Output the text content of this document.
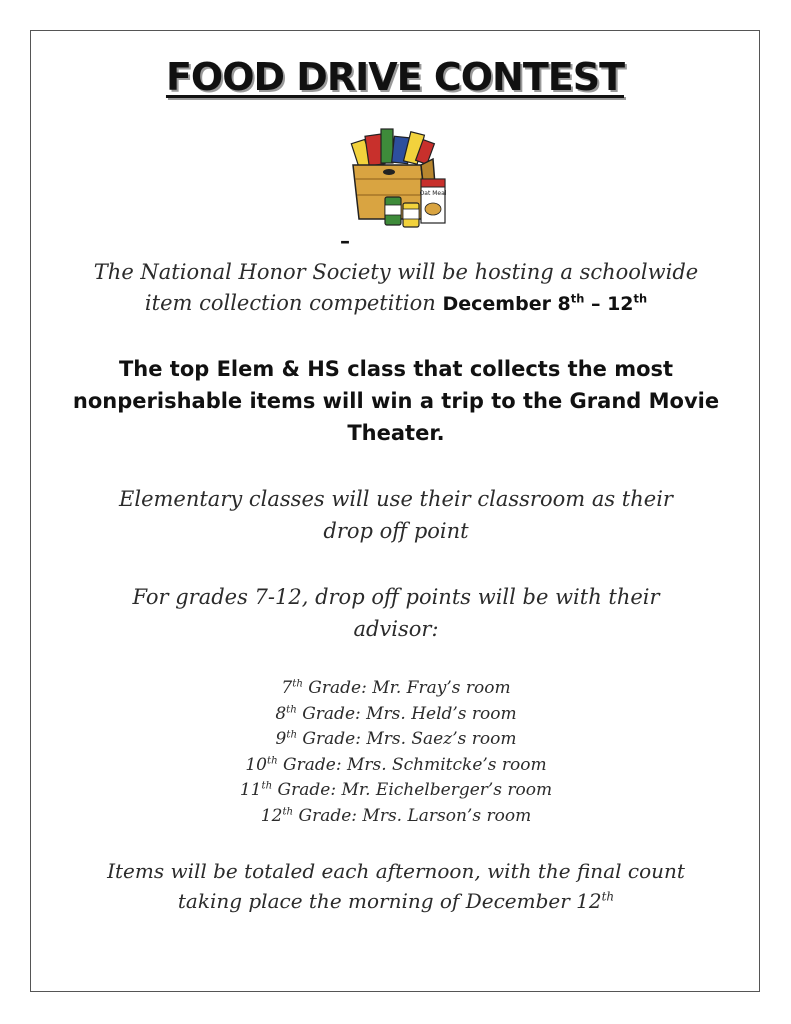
FOOD DRIVE CONTEST
Oat Meal
–
The National Honor Society will be hosting a schoolwide
item collection competition December 8th – 12th
The top Elem & HS class that collects the most
nonperishable items will win a trip to the Grand Movie
Theater.
Elementary classes will use their classroom as their
drop off point
For grades 7-12, drop off points will be with their
advisor:
7th Grade: Mr. Fray’s room
8th Grade: Mrs. Held’s room
9th Grade: Mrs. Saez’s room
10th Grade: Mrs. Schmitcke’s room
11th Grade: Mr. Eichelberger’s room
12th Grade: Mrs. Larson’s room
Items will be totaled each afternoon, with the final count
taking place the morning of December 12th
